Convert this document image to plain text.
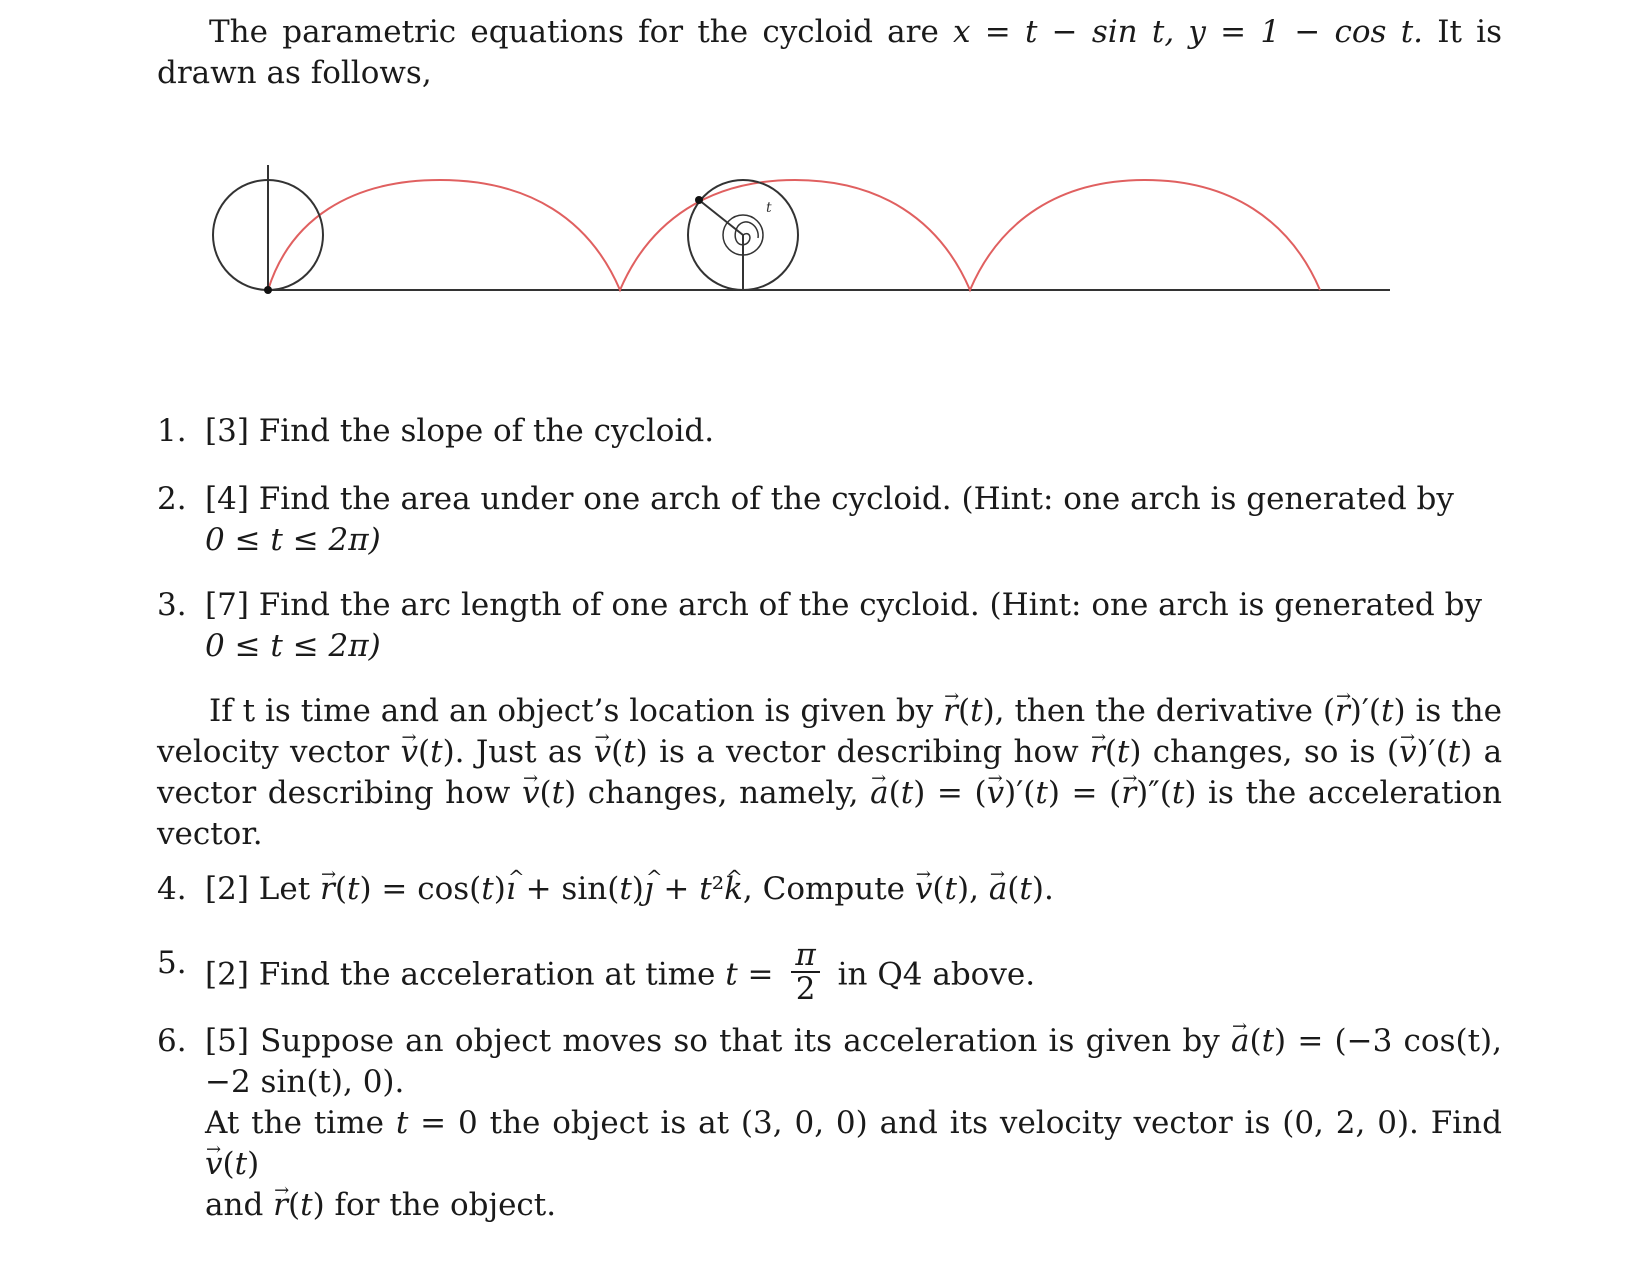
The parametric equations for the cycloid are x = t − sin t, y = 1 − cos t. It is drawn as follows,
t
1. [3] Find the slope of the cycloid.
2. [4] Find the area under one arch of the cycloid. (Hint: one arch is generated by
0 ≤ t ≤ 2π)
3. [7] Find the arc length of one arch of the cycloid. (Hint: one arch is generated by
0 ≤ t ≤ 2π)
If t is time and an object’s location is given by → r(t), then the derivative (→ r)′(t) is the velocity vector → v(t). Just as → v(t) is a vector describing how → r(t) changes, so is (→ v)′(t) a vector describing how → v(t) changes, namely, → a(t) = (→ v)′(t) = (→ r)″(t) is the acceleration vector.
4. [2] Let → r(t) = cos(t)^ ı + sin(t)^ ȷ + t²^ k, Compute → v(t), → a(t).
5. [2] Find the acceleration at time $t = \frac{\pi}{2}$ in Q4 above.
6. [5] Suppose an object moves so that its acceleration is given by → a(t) = (−3 cos(t), −2 sin(t), 0).
At the time t = 0 the object is at (3, 0, 0) and its velocity vector is (0, 2, 0). Find → v(t)
and → r(t) for the object.
